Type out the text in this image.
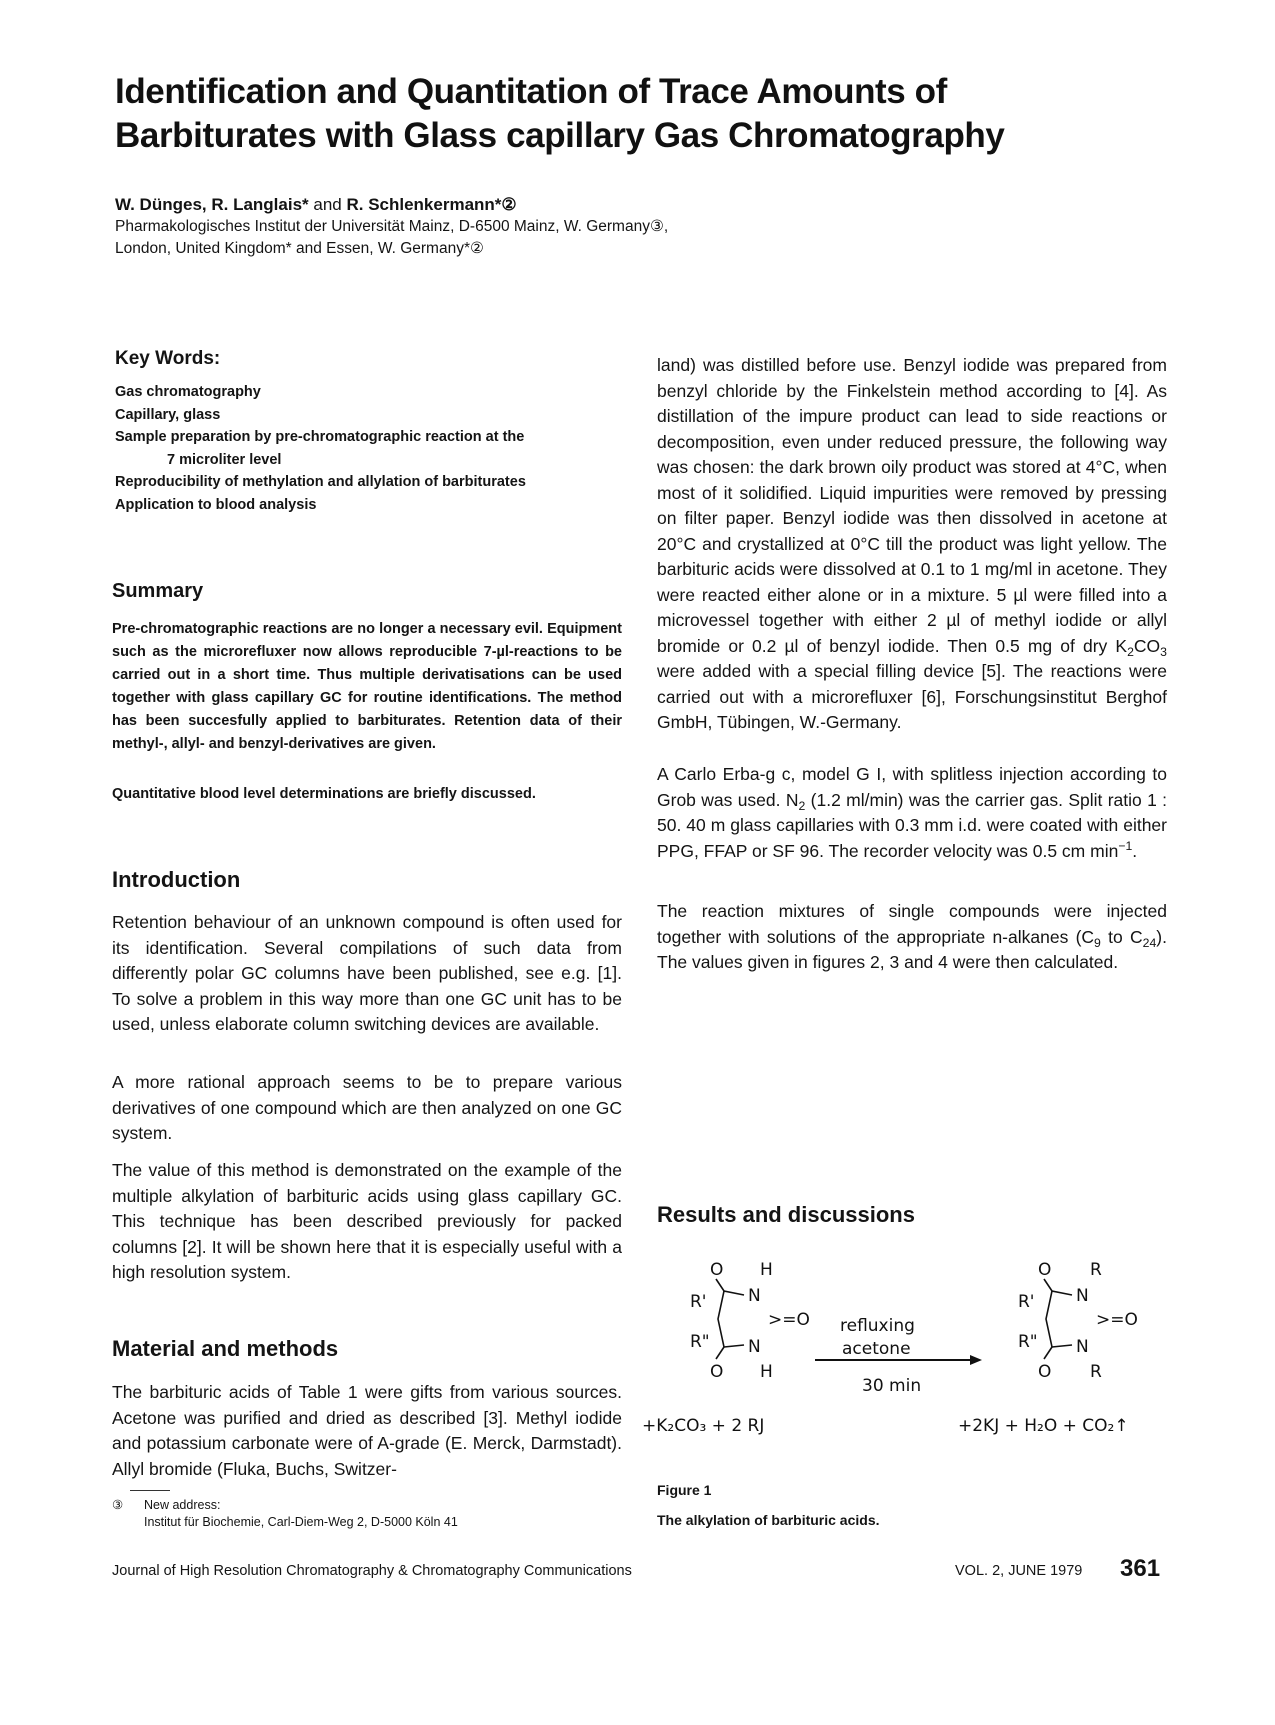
Identification and Quantitation of Trace Amounts of Barbiturates with Glass capillary Gas Chromatography
W. Dünges, R. Langlais* and R. Schlenkermann*②
Pharmakologisches Institut der Universität Mainz, D-6500 Mainz, W. Germany③,
London, United Kingdom* and Essen, W. Germany*②
Key Words:
Gas chromatography
Capillary, glass
Sample preparation by pre-chromatographic reaction at the
7 microliter level
Reproducibility of methylation and allylation of barbiturates
Application to blood analysis
Summary

Pre-chromatographic reactions are no longer a necessary evil. Equipment such as the microrefluxer now allows reproducible 7-µl-reactions to be carried out in a short time. Thus multiple derivatisations can be used together with glass capillary GC for routine identifications. The method has been succesfully applied to barbiturates. Retention data of their methyl-, allyl- and benzyl-derivatives are given.

Quantitative blood level determinations are briefly discussed.

Introduction

Retention behaviour of an unknown compound is often used for its identification. Several compilations of such data from differently polar GC columns have been published, see e.g. [1]. To solve a problem in this way more than one GC unit has to be used, unless elaborate column switching devices are available.

A more rational approach seems to be to prepare various derivatives of one compound which are then analyzed on one GC system.

The value of this method is demonstrated on the example of the multiple alkylation of barbituric acids using glass capillary GC. This technique has been described previously for packed columns [2]. It will be shown here that it is especially useful with a high resolution system.

Material and methods

The barbituric acids of Table 1 were gifts from various sources. Acetone was purified and dried as described [3]. Methyl iodide and potassium carbonate were of A-grade (E. Merck, Darmstadt). Allyl bromide (Fluka, Buchs, Switzer-

③ New address:
Institut für Biochemie, Carl-Diem-Weg 2, D-5000 Köln 41

land) was distilled before use. Benzyl iodide was prepared from benzyl chloride by the Finkelstein method according to [4]. As distillation of the impure product can lead to side reactions or decomposition, even under reduced pressure, the following way was chosen: the dark brown oily product was stored at 4°C, when most of it solidified. Liquid impurities were removed by pressing on filter paper. Benzyl iodide was then dissolved in acetone at 20°C and crystallized at 0°C till the product was light yellow. The barbituric acids were dissolved at 0.1 to 1 mg/ml in acetone. They were reacted either alone or in a mixture. 5 µl were filled into a microvessel together with either 2 µl of methyl iodide or allyl bromide or 0.2 µl of benzyl iodide. Then 0.5 mg of dry $K_2CO_3$ were added with a special filling device [5]. The reactions were carried out with a microrefluxer [6], Forschungsinstitut Berghof GmbH, Tübingen, W.-Germany.

A Carlo Erba-g c, model G I, with splitless injection according to Grob was used. $N_2$ (1.2 ml/min) was the carrier gas. Split ratio 1 : 50. 40 m glass capillaries with 0.3 mm i.d. were coated with either PPG, FFAP or SF 96. The recorder velocity was 0.5 cm $\min^{-1}$.

The reaction mixtures of single compounds were injected together with solutions of the appropriate n-alkanes ($C_9$ to $C_{24}$). The values given in figures 2, 3 and 4 were then calculated.

Results and discussions
O H
R' N
>=O
R" N
O H
refluxing
acetone
30 min
O R
R' N
>=O
R" N
O R
+K₂CO₃ + 2 RJ	+2KJ + H₂O + CO₂↑
Figure 1
The alkylation of barbituric acids.
Journal of High Resolution Chromatography & Chromatography Communications	VOL. 2, JUNE 1979 361
